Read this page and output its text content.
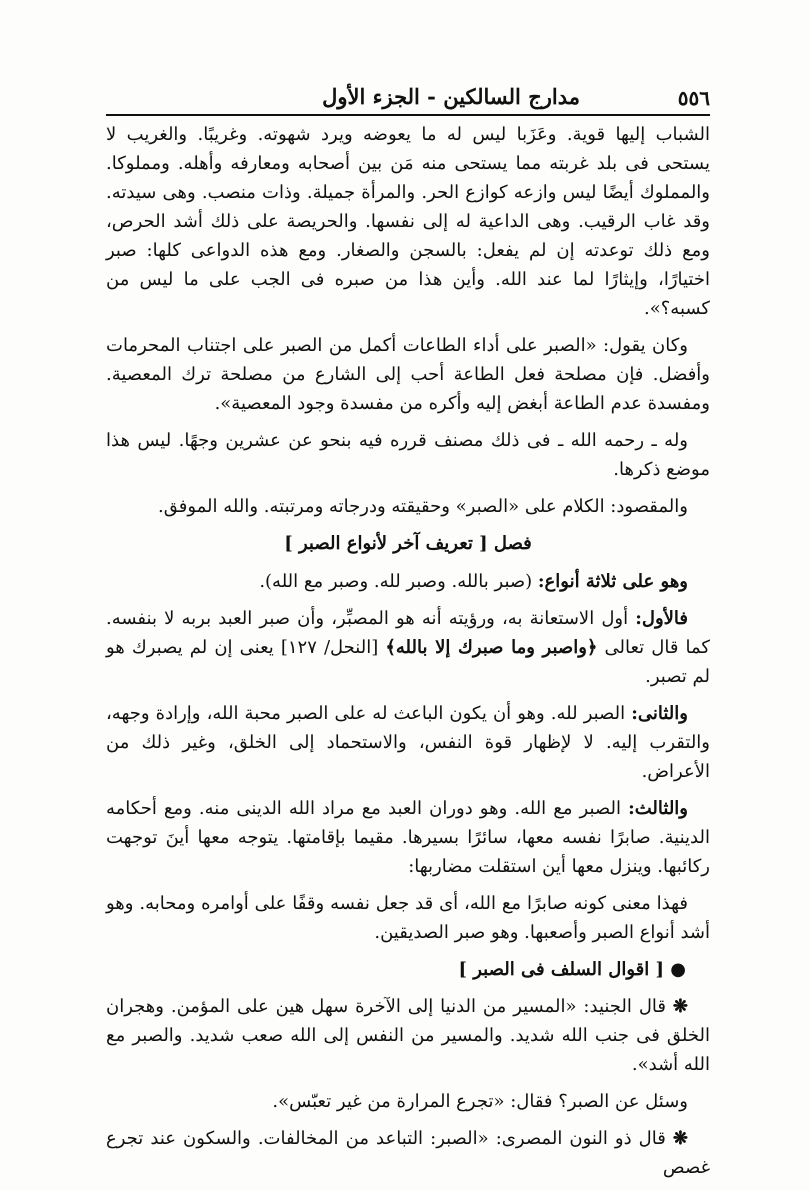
مدارج السالكين - الجزء الأول	٥٥٦

الشباب إليها قوية. وعَزَبا ليس له ما يعوضه ويرد شهوته. وغريبًا. والغريب لا يستحى فى بلد غربته مما يستحى منه مَن بين أصحابه ومعارفه وأهله. ومملوكا. والمملوك أيضًا ليس وازعه كوازع الحر. والمرأة جميلة. وذات منصب. وهى سيدته. وقد غاب الرقيب. وهى الداعية له إلى نفسها. والحريصة على ذلك أشد الحرص، ومع ذلك توعدته إن لم يفعل: بالسجن والصغار. ومع هذه الدواعى كلها: صبر اختيارًا، وإيثارًا لما عند الله. وأين هذا من صبره فى الجب على ما ليس من كسبه؟».

وكان يقول: «الصبر على أداء الطاعات أكمل من الصبر على اجتناب المحرمات وأفضل. فإن مصلحة فعل الطاعة أحب إلى الشارع من مصلحة ترك المعصية. ومفسدة عدم الطاعة أبغض إليه وأكره من مفسدة وجود المعصية».

وله ـ رحمه الله ـ فى ذلك مصنف قرره فيه بنحو عن عشرين وجهًا. ليس هذا موضع ذكرها.

والمقصود: الكلام على «الصبر» وحقيقته ودرجاته ومرتبته. والله الموفق.

فصل [ تعريف آخر لأنواع الصبر ]

وهو على ثلاثة أنواع: (صبر بالله. وصبر لله. وصبر مع الله).

فالأول: أول الاستعانة به، ورؤيته أنه هو المصبِّر، وأن صبر العبد بربه لا بنفسه. كما قال تعالى ﴿واصبر وما صبرك إلا بالله﴾ [النحل/ ١٢٧] يعنى إن لم يصبرك هو لم تصبر.

والثانى: الصبر لله. وهو أن يكون الباعث له على الصبر محبة الله، وإرادة وجهه، والتقرب إليه. لا لإظهار قوة النفس، والاستحماد إلى الخلق، وغير ذلك من الأعراض.

والثالث: الصبر مع الله. وهو دوران العبد مع مراد الله الدينى منه. ومع أحكامه الدينية. صابرًا نفسه معها، سائرًا بسيرها. مقيما بإقامتها. يتوجه معها أينَ توجهت ركائبها. وينزل معها أين استقلت مضاربها:

فهذا معنى كونه صابرًا مع الله، أى قد جعل نفسه وقفًا على أوامره ومحابه. وهو أشد أنواع الصبر وأصعبها. وهو صبر الصديقين.

● [ اقوال السلف فى الصبر ]

❋ قال الجنيد: «المسير من الدنيا إلى الآخرة سهل هين على المؤمن. وهجران الخلق فى جنب الله شديد. والمسير من النفس إلى الله صعب شديد. والصبر مع الله أشد».

وسئل عن الصبر؟ فقال: «تجرع المرارة من غير تعبّس».

❋ قال ذو النون المصرى: «الصبر: التباعد من المخالفات. والسكون عند تجرع غصص
